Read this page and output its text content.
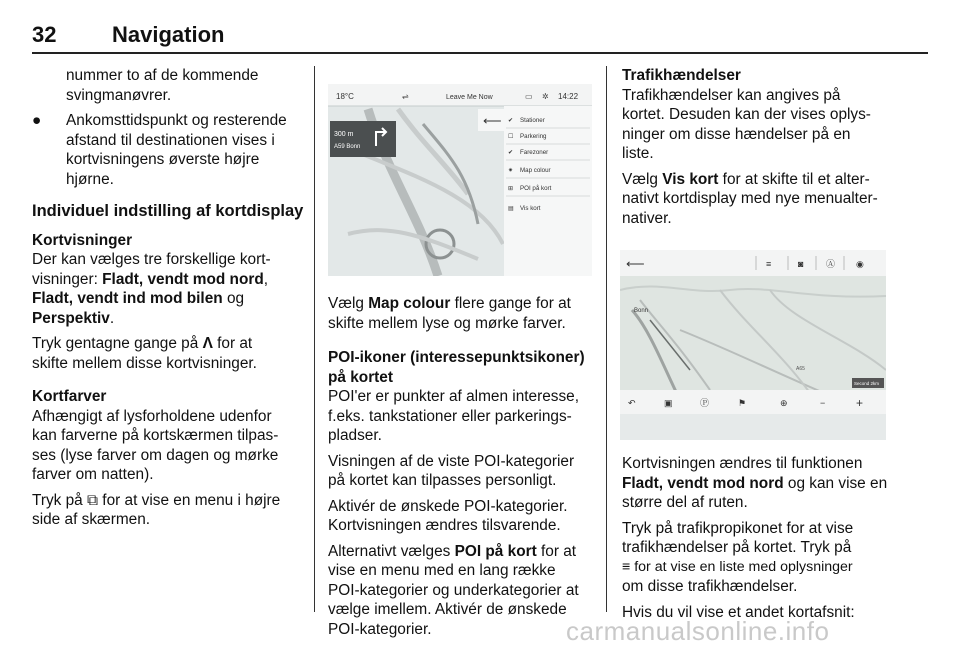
32	Navigation

nummer to af de kommende

svingmanøvrer.

● Ankomsttidspunkt og resterende

afstand til destinationen vises i

kortvisningens øverste højre

hjørne.

Individuel indstilling af kortdisplay

Kortvisninger

Der kan vælges tre forskellige kort-

visninger: Fladt, vendt mod nord,

Fladt, vendt ind mod bilen og

Perspektiv.

Tryk gentagne gange på Ʌ for at

skifte mellem disse kortvisninger.

Kortfarver

Afhængigt af lysforholdene udenfor

kan farverne på kortskærmen tilpas-

ses (lyse farver om dagen og mørke

farver om natten).

Tryk på ⧉ for at vise en menu i højre

side af skærmen.

18°C	⇌	Leave Me Now	▭ ✲ 14:22
300 m
A59 Bonn
⟵ ✔ Stationer
☐ Parkering
✔ Farezoner
✷ Map colour
⊞ POI på kort
▤ Vis kort

Vælg Map colour flere gange for at

skifte mellem lyse og mørke farver.

POI-ikoner (interessepunktsikoner)

på kortet

POI'er er punkter af almen interesse,

f.eks. tankstationer eller parkerings-

pladser.

Visningen af de viste POI-kategorier

på kortet kan tilpasses personligt.

Aktivér de ønskede POI-kategorier.

Kortvisningen ændres tilsvarende.

Alternativt vælges POI på kort for at

vise en menu med en lang række

POI-kategorier og underkategorier at

vælge imellem. Aktivér de ønskede

POI-kategorier.

Trafikhændelser

Trafikhændelser kan angives på

kortet. Desuden kan der vises oplys-

ninger om disse hændelser på en

liste.

Vælg Vis kort for at skifte til et alter-

nativt kortdisplay med nye menualter-

nativer.

Bonn
A65
⟵	≡	◙	Ⓐ ◉
Second 2km
↶	▣	Ⓟ	⚑	⊕	−	+

Kortvisningen ændres til funktionen

Fladt, vendt mod nord og kan vise en

større del af ruten.

Tryk på trafikpropikonet for at vise

trafikhændelser på kortet. Tryk på

≡ for at vise en liste med oplysninger

om disse trafikhændelser.

Hvis du vil vise et andet kortafsnit:

carmanualsonline.info
